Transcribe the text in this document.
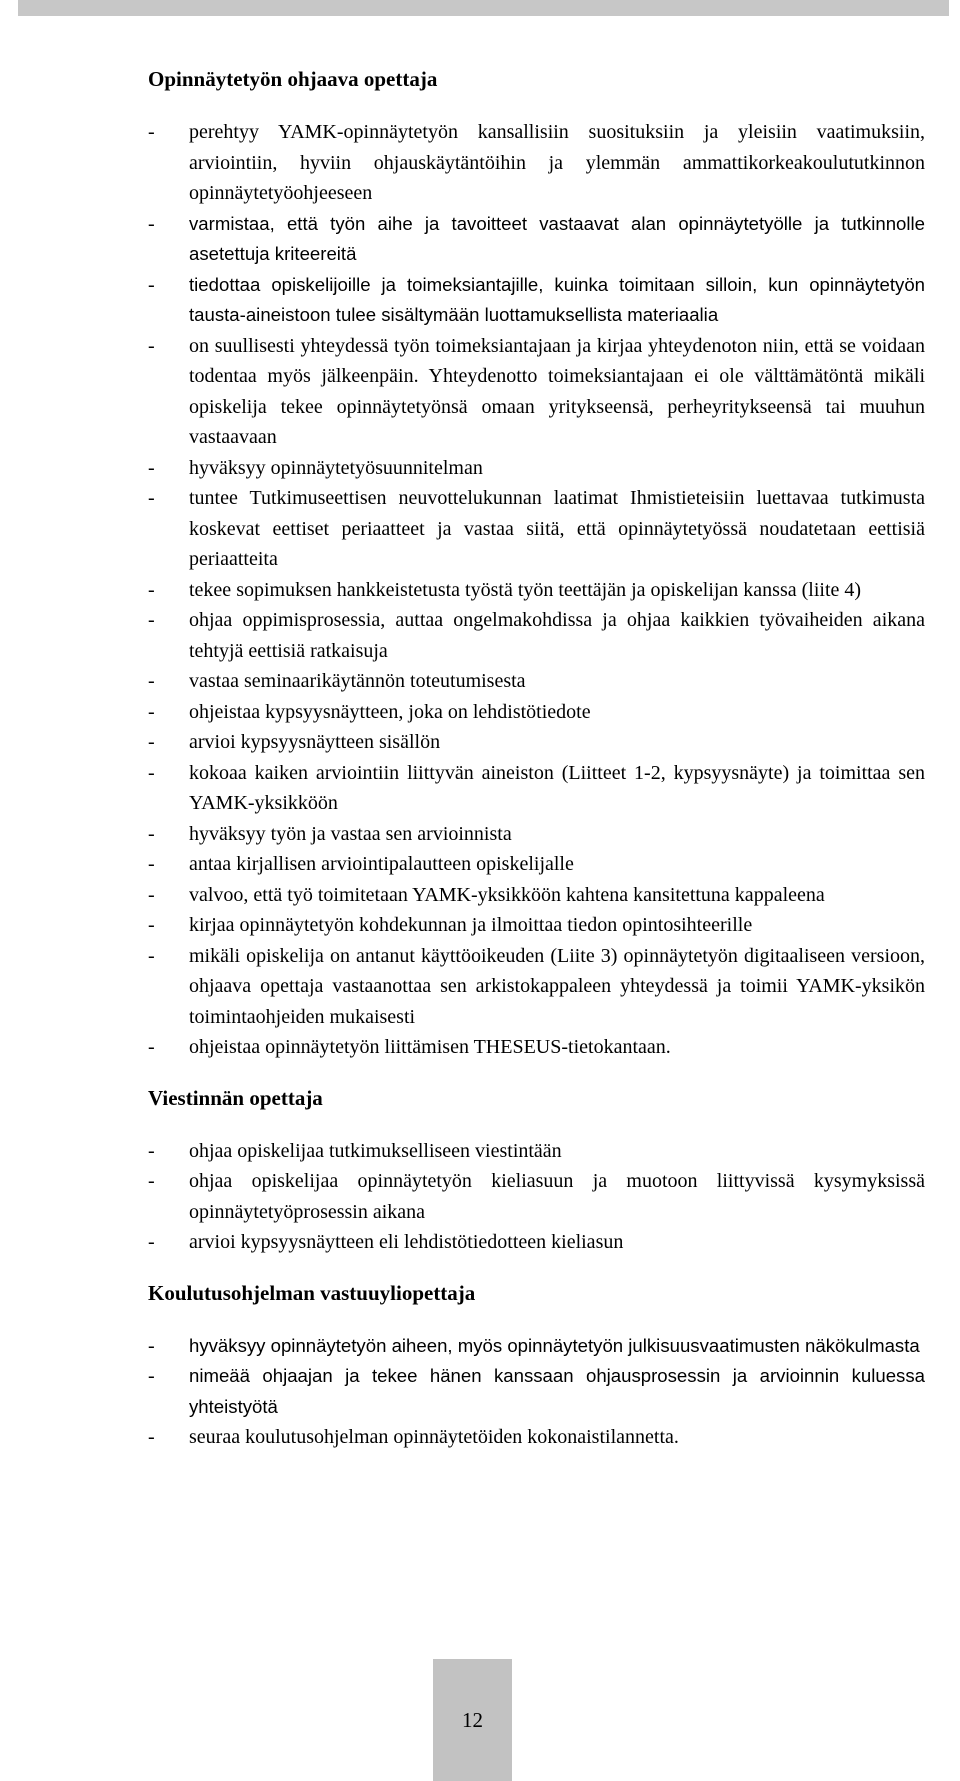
Opinnäytetyön ohjaava opettaja
- perehtyy YAMK-opinnäytetyön kansallisiin suosituksiin ja yleisiin vaatimuksiin, arviointiin, hyviin ohjauskäytäntöihin ja ylemmän ammattikorkeakoulututkinnon opinnäytetyöohjeeseen
- varmistaa, että työn aihe ja tavoitteet vastaavat alan opinnäytetyölle ja tutkinnolle asetettuja kriteereitä
- tiedottaa opiskelijoille ja toimeksiantajille, kuinka toimitaan silloin, kun opinnäytetyön tausta-aineistoon tulee sisältymään luottamuksellista materiaalia
- on suullisesti yhteydessä työn toimeksiantajaan ja kirjaa yhteydenoton niin, että se voidaan todentaa myös jälkeenpäin. Yhteydenotto toimeksiantajaan ei ole välttämätöntä mikäli opiskelija tekee opinnäytetyönsä omaan yritykseensä, perheyritykseensä tai muuhun vastaavaan
- hyväksyy opinnäytetyösuunnitelman
- tuntee Tutkimuseettisen neuvottelukunnan laatimat Ihmistieteisiin luettavaa tutkimusta koskevat eettiset periaatteet ja vastaa siitä, että opinnäytetyössä noudatetaan eettisiä periaatteita
- tekee sopimuksen hankkeistetusta työstä työn teettäjän ja opiskelijan kanssa (liite 4)
- ohjaa oppimisprosessia, auttaa ongelmakohdissa ja ohjaa kaikkien työvaiheiden aikana tehtyjä eettisiä ratkaisuja
- vastaa seminaarikäytännön toteutumisesta
- ohjeistaa kypsyysnäytteen, joka on lehdistötiedote
- arvioi kypsyysnäytteen sisällön
- kokoaa kaiken arviointiin liittyvän aineiston (Liitteet 1-2, kypsyysnäyte) ja toimittaa sen YAMK-yksikköön
- hyväksyy työn ja vastaa sen arvioinnista
- antaa kirjallisen arviointipalautteen opiskelijalle
- valvoo, että työ toimitetaan YAMK-yksikköön kahtena kansitettuna kappaleena
- kirjaa opinnäytetyön kohdekunnan ja ilmoittaa tiedon opintosihteerille
- mikäli opiskelija on antanut käyttöoikeuden (Liite 3) opinnäytetyön digitaaliseen versioon, ohjaava opettaja vastaanottaa sen arkistokappaleen yhteydessä ja toimii YAMK-yksikön toimintaohjeiden mukaisesti
- ohjeistaa opinnäytetyön liittämisen THESEUS-tietokantaan.
Viestinnän opettaja
- ohjaa opiskelijaa tutkimukselliseen viestintään
- ohjaa opiskelijaa opinnäytetyön kieliasuun ja muotoon liittyvissä kysymyksissä opinnäytetyöprosessin aikana
- arvioi kypsyysnäytteen eli lehdistötiedotteen kieliasun
Koulutusohjelman vastuuyliopettaja
- hyväksyy opinnäytetyön aiheen, myös opinnäytetyön julkisuusvaatimusten näkökulmasta
- nimeää ohjaajan ja tekee hänen kanssaan ohjausprosessin ja arvioinnin kuluessa yhteistyötä
- seuraa koulutusohjelman opinnäytetöiden kokonaistilannetta.
12
